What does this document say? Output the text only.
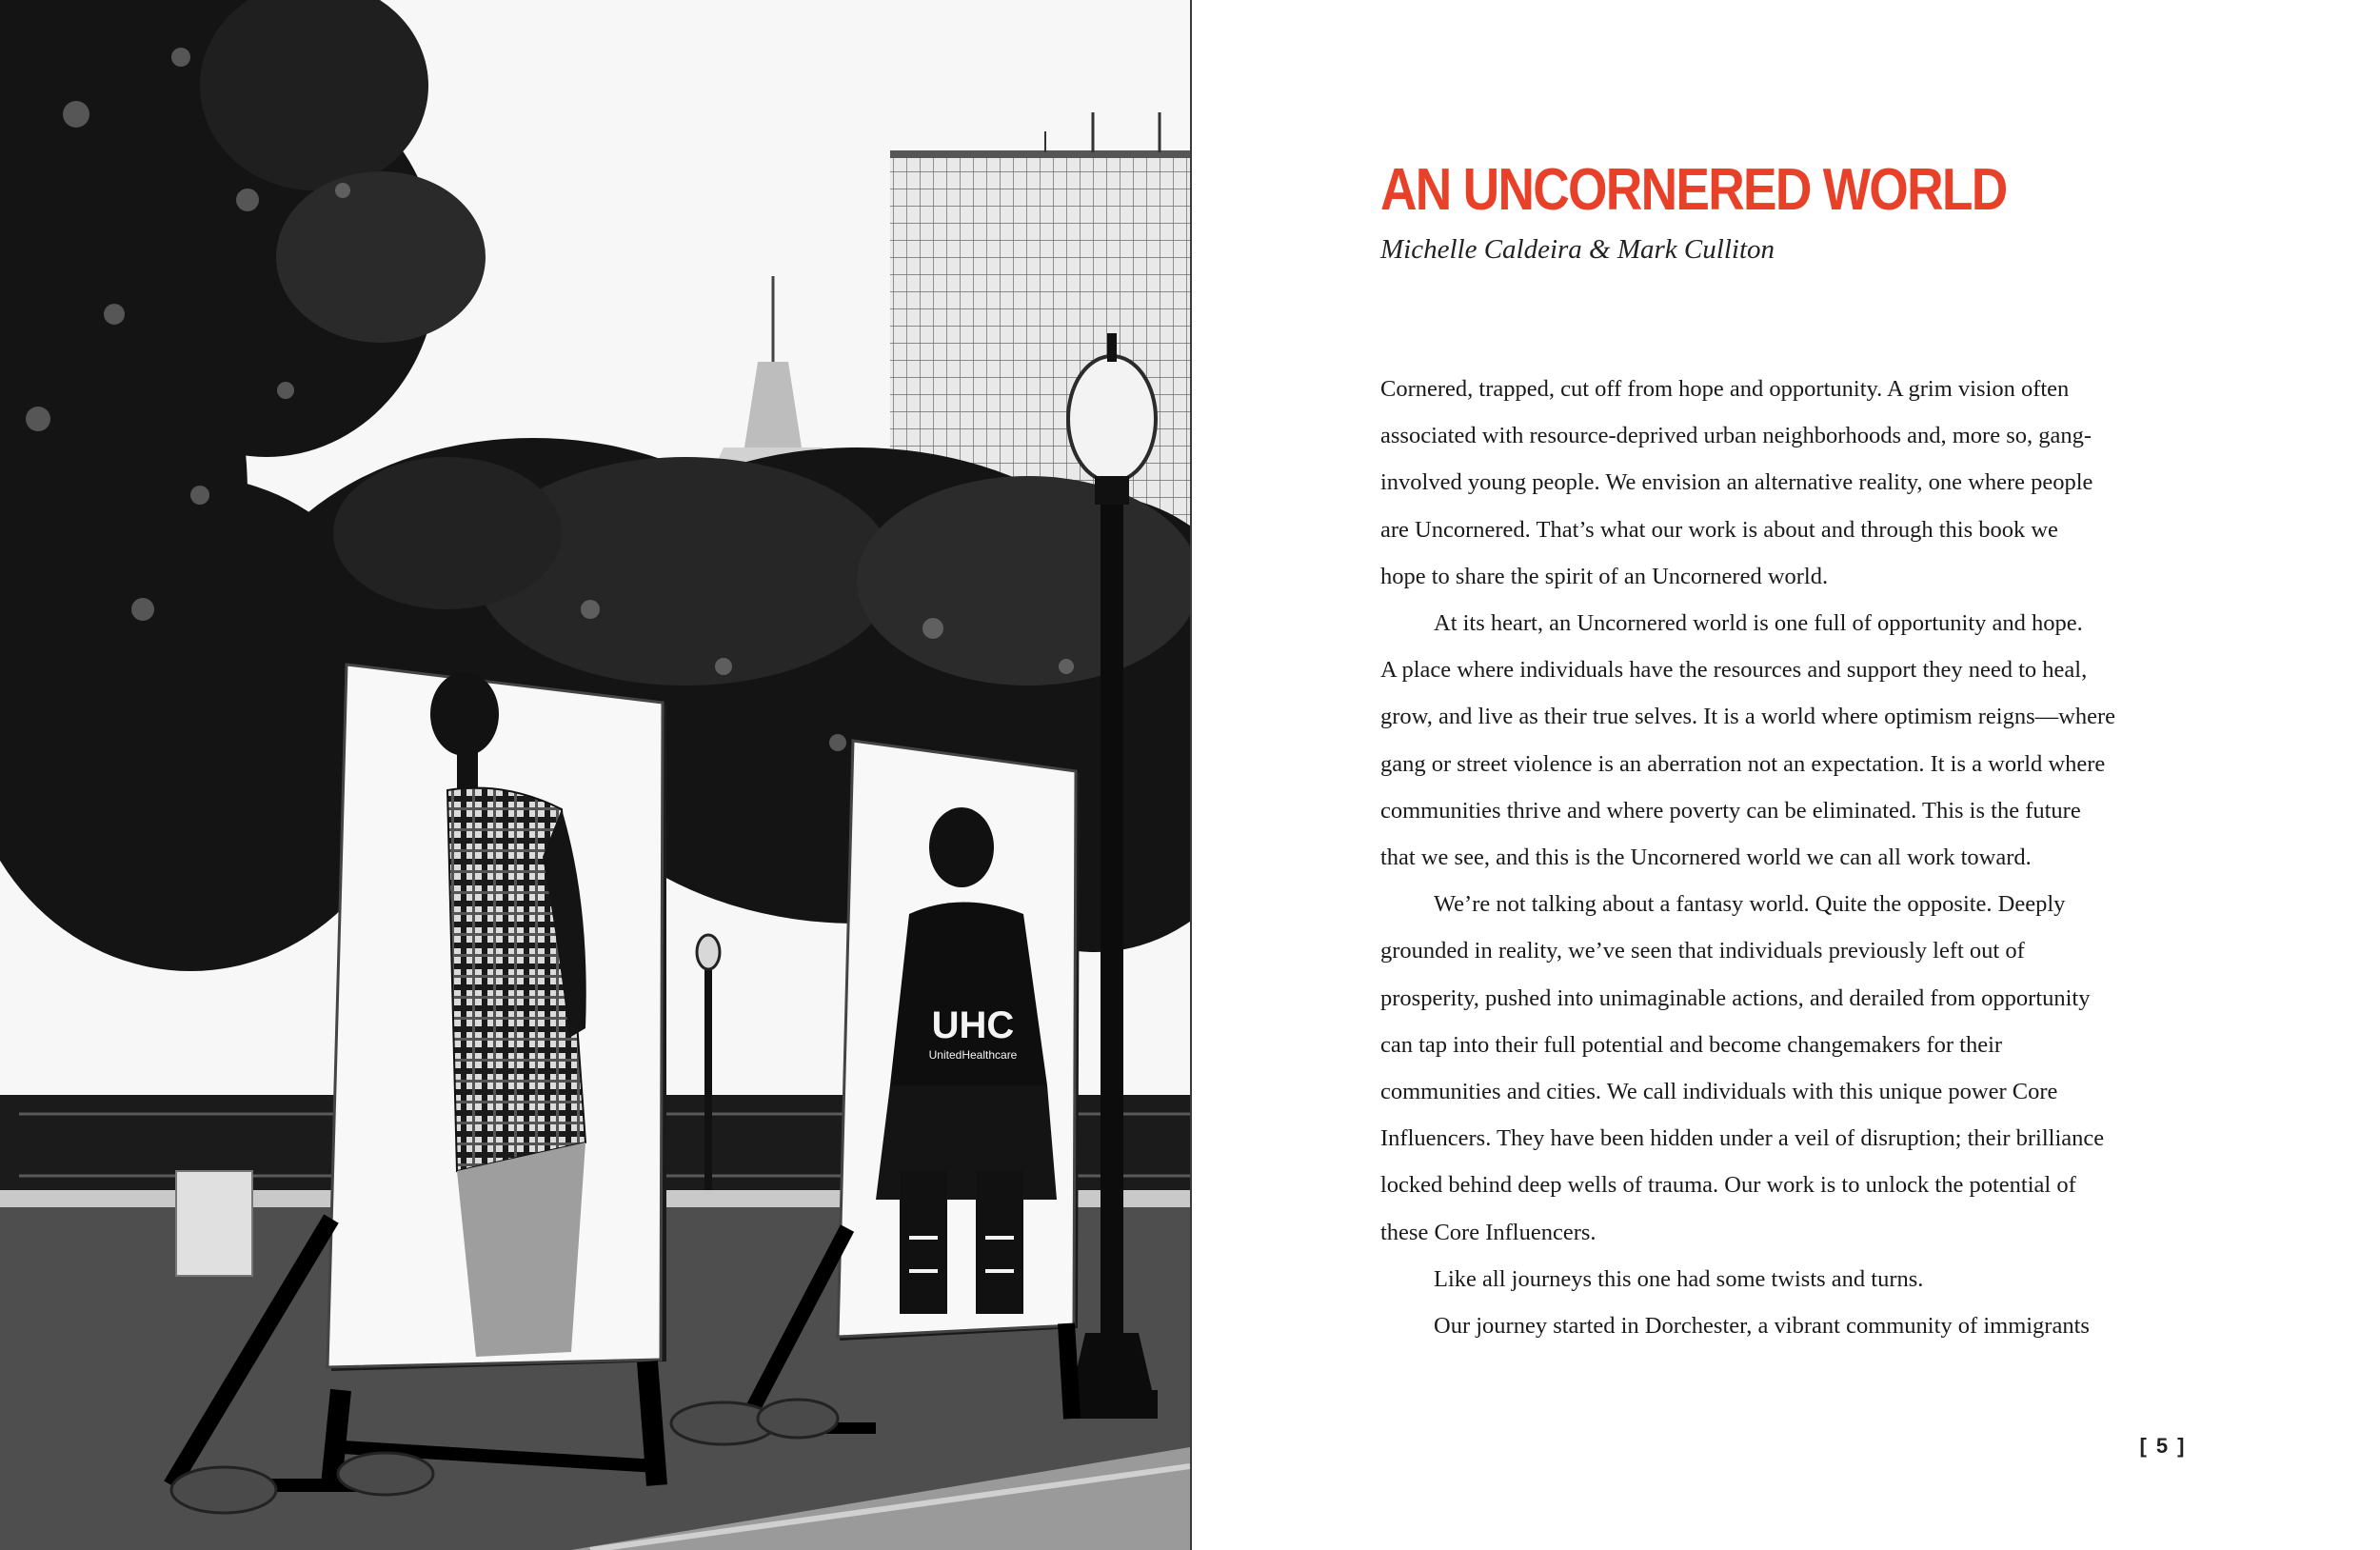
UHC
UnitedHealthcare
AN UNCORNERED WORLD

Michelle Caldeira & Mark Culliton

Cornered, trapped, cut off from hope and opportunity. A grim vision often
associated with resource-deprived urban neighborhoods and, more so, gang-
involved young people. We envision an alternative reality, one where people
are Uncornered. That’s what our work is about and through this book we
hope to share the spirit of an Uncornered world.
At its heart, an Uncornered world is one full of opportunity and hope.
A place where individuals have the resources and support they need to heal,
grow, and live as their true selves. It is a world where optimism reigns—where
gang or street violence is an aberration not an expectation. It is a world where
communities thrive and where poverty can be eliminated. This is the future
that we see, and this is the Uncornered world we can all work toward.
We’re not talking about a fantasy world. Quite the opposite. Deeply
grounded in reality, we’ve seen that individuals previously left out of
prosperity, pushed into unimaginable actions, and derailed from opportunity
can tap into their full potential and become changemakers for their
communities and cities. We call individuals with this unique power Core
Influencers. They have been hidden under a veil of disruption; their brilliance
locked behind deep wells of trauma. Our work is to unlock the potential of
these Core Influencers.
Like all journeys this one had some twists and turns.
Our journey started in Dorchester, a vibrant community of immigrants
[ 5 ]
